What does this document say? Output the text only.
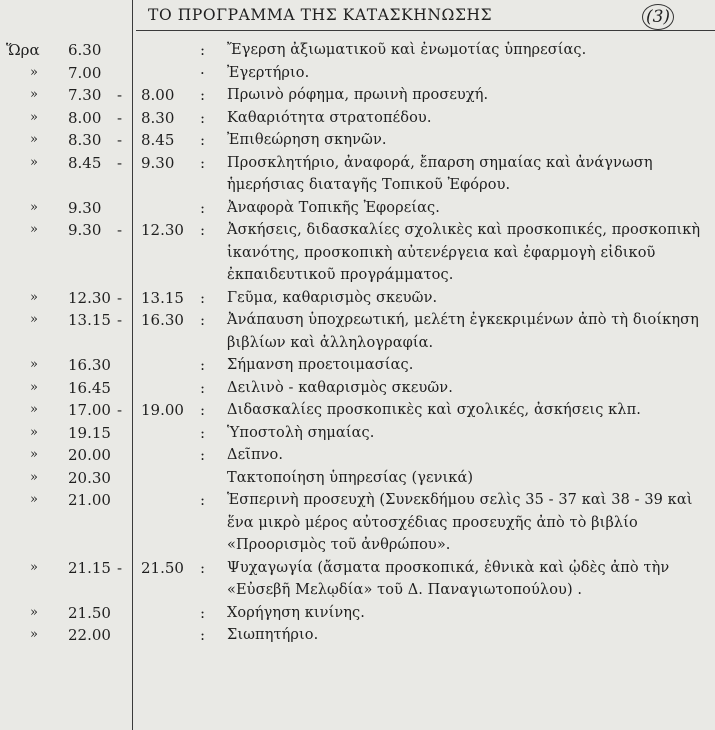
ΤΟ ΠΡΟΓΡΑΜΜΑ ΤΗΣ ΚΑΤΑΣΚΗΝΩΣΗΣ	(3)
Ὥρα	6.30	: Ἔγερση ἀξιωματικοῦ καὶ ἐνωμοτίας ὑπηρεσίας.
»	7.00	· Ἐγερτήριο.
»	7.30 - 8.00 : Πρωινὸ ρόφημα, πρωινὴ προσευχή.
»	8.00 - 8.30 : Καθαριότητα στρατοπέδου.
»	8.30 - 8.45 : Ἐπιθεώρηση σκηνῶν.
»	8.45 - 9.30 : Προσκλητήριο, ἀναφορά, ἔπαρση σημαίας καὶ ἀνάγνωση ἡμερήσιας διαταγῆς Τοπικοῦ Ἐφόρου.
»	9.30	: Ἀναφορὰ Τοπικῆς Ἐφορείας.
»	9.30 - 12.30 : Ἀσκήσεις, διδασκαλίες σχολικὲς καὶ προσκοπικές, προσκοπικὴ ἱκανότης, προσκοπικὴ αὐτενέργεια καὶ ἐφαρμογὴ εἰδικοῦ ἐκπαιδευτικοῦ προγράμματος.
»	12.30 - 13.15 : Γεῦμα, καθαρισμὸς σκευῶν.
»	13.15 - 16.30 : Ἀνάπαυση ὑποχρεωτική, μελέτη ἐγκεκριμένων ἀπὸ τὴ διοίκηση βιβλίων καὶ ἀλληλογραφία.
»	16.30	: Σήμανση προετοιμασίας.
»	16.45	: Δειλινὸ - καθαρισμὸς σκευῶν.
»	17.00 - 19.00 : Διδασκαλίες προσκοπικὲς καὶ σχολικές, ἀσκήσεις κλπ.
»	19.15	: Ὑποστολὴ σημαίας.
»	20.00	: Δεῖπνο.
»	20.30	Τακτοποίηση ὑπηρεσίας (γενικά)
»	21.00	: Ἑσπερινὴ προσευχὴ (Συνεκδήμου σελὶς 35 - 37 καὶ 38 - 39 καὶ ἕνα μικρὸ μέρος αὐτοσχέδιας προσευχῆς ἀπὸ τὸ βιβλίο «Προορισμὸς τοῦ ἀνθρώπου».
»	21.15 - 21.50 : Ψυχαγωγία (ἄσματα προσκοπικά, ἐθνικὰ καὶ ᾠδὲς ἀπὸ τὴν «Εὐσεβῆ Μελῳδία» τοῦ Δ. Παναγιωτοπούλου) .
»	21.50	: Χορήγηση κινίνης.
»	22.00	: Σιωπητήριο.
